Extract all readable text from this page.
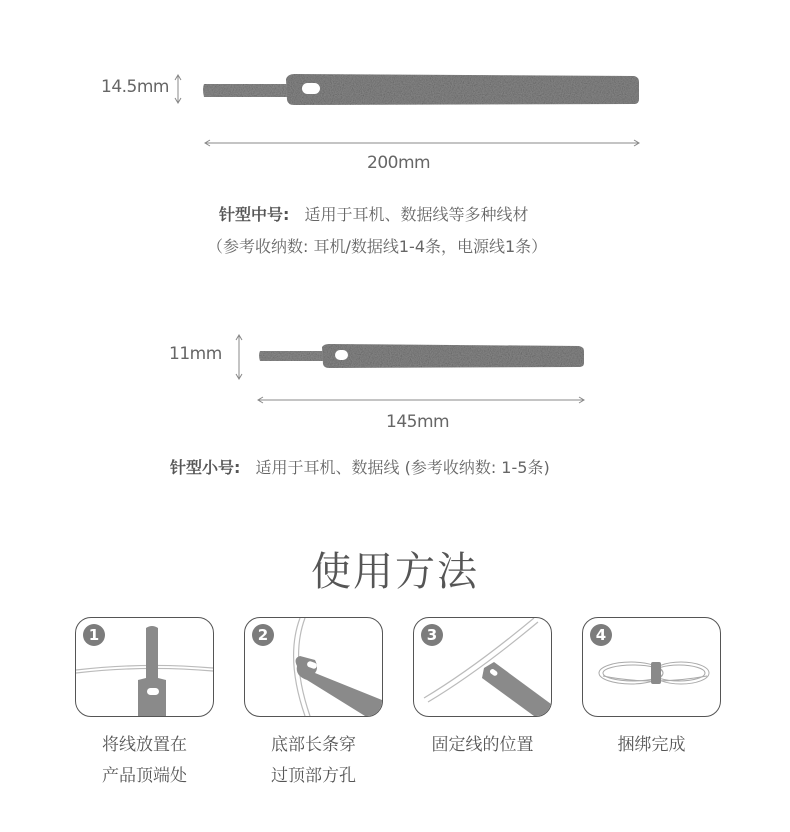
14.5mm
200mm
针型中号: 适用于耳机、数据线等多种线材
（参考收纳数: 耳机/数据线1-4条，电源线1条）
11mm
145mm
针型小号: 适用于耳机、数据线 (参考收纳数: 1-5条)
使用方法
1
将线放置在
产品顶端处
2
底部长条穿
过顶部方孔
3
固定线的位置
4
捆绑完成
